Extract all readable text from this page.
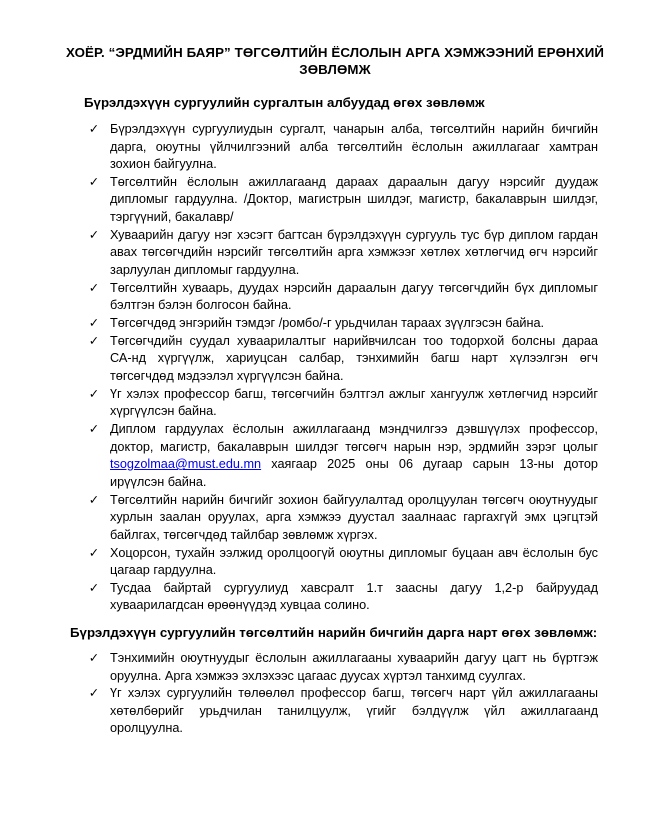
ХОЁР. “ЭРДМИЙН БАЯР” ТӨГСӨЛТИЙН ЁСЛОЛЫН АРГА ХЭМЖЭЭНИЙ ЕРӨНХИЙ
ЗӨВЛӨМЖ
Бүрэлдэхүүн сургуулийн сургалтын албуудад өгөх зөвлөмж
✓ Бүрэлдэхүүн сургуулиудын сургалт, чанарын алба, төгсөлтийн нарийн бичгийн дарга, оюутны үйлчилгээний алба төгсөлтийн ёслолын ажиллагааг хамтран зохион байгуулна.
✓ Төгсөлтийн ёслолын ажиллагаанд дараах дараалын дагуу нэрсийг дуудаж дипломыг гардуулна. /Доктор, магистрын шилдэг, магистр, бакалаврын шилдэг, тэргүүний, бакалавр/
✓ Хуваарийн дагуу нэг хэсэгт багтсан бүрэлдэхүүн сургууль тус бүр диплом гардан авах төгсөгчдийн нэрсийг төгсөлтийн арга хэмжээг хөтлөх хөтлөгчид өгч нэрсийг зарлуулан дипломыг гардуулна.
✓ Төгсөлтийн хуваарь, дуудах нэрсийн дараалын дагуу төгсөгчдийн бүх дипломыг бэлтгэн бэлэн болгосон байна.
✓ Төгсөгчдөд энгэрийн тэмдэг /ромбо/-г урьдчилан тараах зүүлгэсэн байна.
✓ Төгсөгчдийн суудал хуваарилалтыг нарийвчилсан тоо тодорхой болсны дараа СА-нд хүргүүлж, хариуцсан салбар, тэнхимийн багш нарт хүлээлгэн өгч төгсөгчдөд мэдээлэл хүргүүлсэн байна.
✓ Үг хэлэх профессор багш, төгсөгчийн бэлтгэл ажлыг хангуулж хөтлөгчид нэрсийг хүргүүлсэн байна.
✓ Диплом гардуулах ёслолын ажиллагаанд мэндчилгээ дэвшүүлэх профессор, доктор, магистр, бакалаврын шилдэг төгсөгч нарын нэр, эрдмийн зэрэг цолыг tsogzolmaa@must.edu.mn хаягаар 2025 оны 06 дугаар сарын 13-ны дотор ирүүлсэн байна.
✓ Төгсөлтийн нарийн бичгийг зохион байгуулалтад оролцуулан төгсөгч оюутнуудыг хурлын заалан оруулах, арга хэмжээ дуустал заалнаас гаргахгүй эмх цэгцтэй байлгах, төгсөгчдөд тайлбар зөвлөмж хүргэх.
✓ Хоцорсон, тухайн ээлжид оролцоогүй оюутны дипломыг буцаан авч ёслолын бус цагаар гардуулна.
✓ Тусдаа байртай сургуулиуд хавсралт 1.т заасны дагуу 1,2-р байруудад хуваарилагдсан өрөөнүүдэд хувцаа солино.
Бүрэлдэхүүн сургуулийн төгсөлтийн нарийн бичгийн дарга нарт өгөх зөвлөмж:
✓ Тэнхимийн оюутнуудыг ёслолын ажиллагааны хуваарийн дагуу цагт нь бүртгэж оруулна. Арга хэмжээ эхлэхээс цагаас дуусах хүртэл танхимд суулгах.
✓ Үг хэлэх сургуулийн төлөөлөл профессор багш, төгсөгч нарт үйл ажиллагааны хөтөлбөрийг урьдчилан танилцуулж, үгийг бэлдүүлж үйл ажиллагаанд оролцуулна.
